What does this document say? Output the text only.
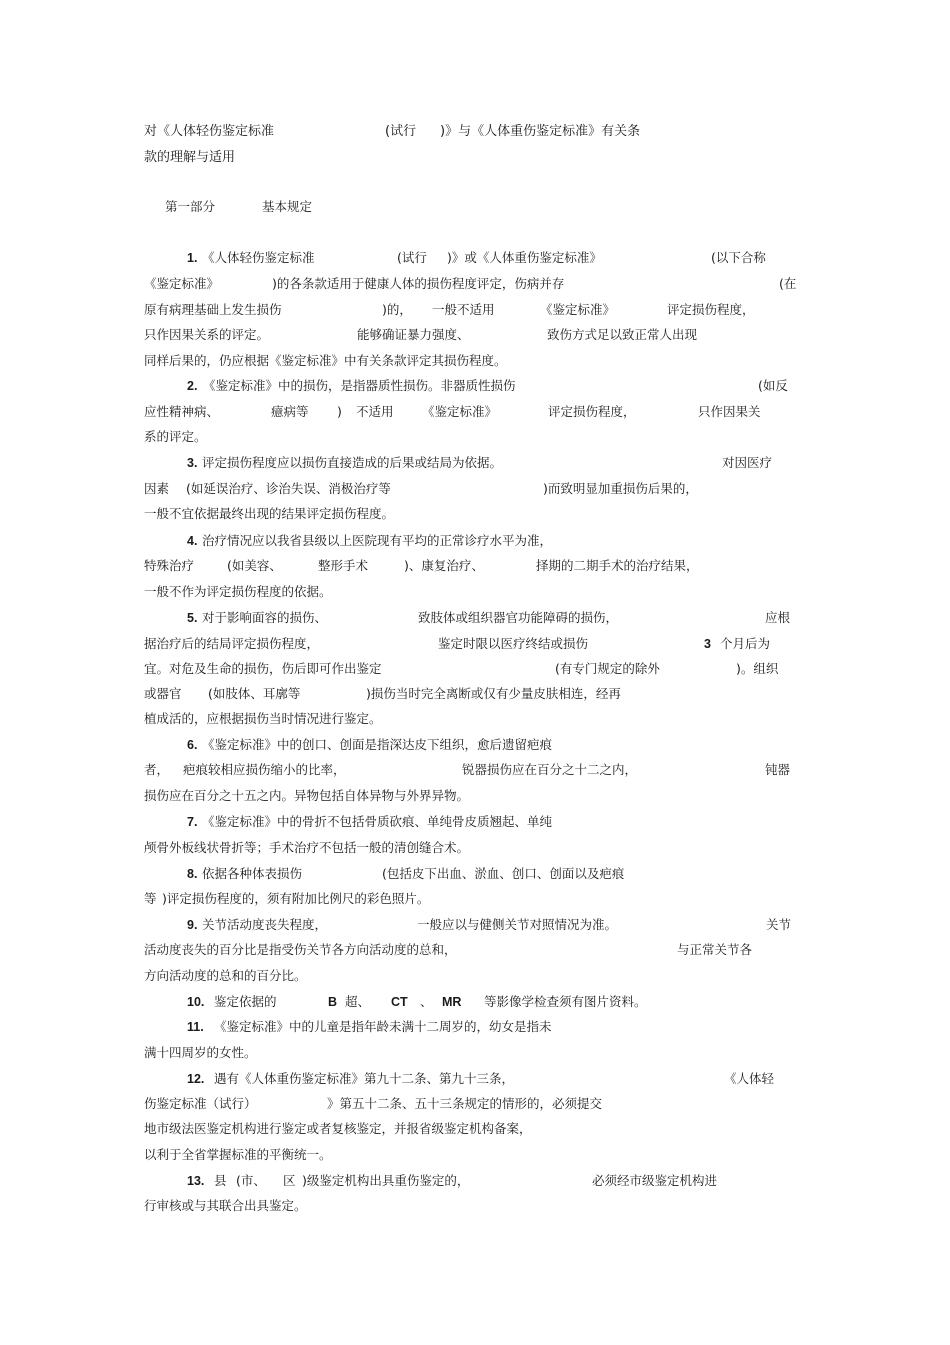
对《人体轻伤鉴定标准	(试行 )》与《人体重伤鉴定标准》有关条
款的理解与适用
第一部分	基本规定
1. 《人体轻伤鉴定标准	(试行 )》或《人体重伤鉴定标准》	(以下合称
《鉴定标准》	)的各条款适用于健康人体的损伤程度评定，伤病并存	(在
原有病理基础上发生损伤	)的， 一般不适用	《鉴定标准》	评定损伤程度，
只作因果关系的评定。	能够确证暴力强度、	致伤方式足以致正常人出现
同样后果的，仍应根据《鉴定标准》中有关条款评定其损伤程度。
2. 《鉴定标准》中的损伤，是指器质性损伤。非器质性损伤	(如反
应性精神病、	癔病等 ) 不适用 《鉴定标准》	评定损伤程度，	只作因果关
系的评定。
3. 评定损伤程度应以损伤直接造成的后果或结局为依据。	对因医疗
因素 (如延误治疗、诊治失误、消极治疗等	)而致明显加重损伤后果的，
一般不宜依据最终出现的结果评定损伤程度。
4. 治疗情况应以我省县级以上医院现有平均的正常诊疗水平为准，
特殊治疗	(如美容、	整形手术	)、康复治疗、	择期的二期手术的治疗结果，
一般不作为评定损伤程度的依据。
5. 对于影响面容的损伤、	致肢体或组织器官功能障碍的损伤，	应根
据治疗后的结局评定损伤程度，	鉴定时限以医疗终结或损伤	3 个月后为
宜。对危及生命的损伤，伤后即可作出鉴定	(有专门规定的除外	)。组织
或器官 (如肢体、耳廓等	)损伤当时完全离断或仅有少量皮肤相连，经再
植成活的，应根据损伤当时情况进行鉴定。
6. 《鉴定标准》中的创口、创面是指深达皮下组织，愈后遗留疤痕
者， 疤痕较相应损伤缩小的比率，	锐器损伤应在百分之十二之内，	钝器
损伤应在百分之十五之内。异物包括自体异物与外界异物。
7. 《鉴定标准》中的骨折不包括骨质砍痕、单纯骨皮质翘起、单纯
颅骨外板线状骨折等；手术治疗不包括一般的清创缝合术。
8. 依据各种体表损伤	(包括皮下出血、淤血、创口、创面以及疤痕
等 )评定损伤程度的，须有附加比例尺的彩色照片。
9. 关节活动度丧失程度，	一般应以与健侧关节对照情况为准。	关节
活动度丧失的百分比是指受伤关节各方向活动度的总和，	与正常关节各
方向活动度的总和的百分比。
10. 鉴定依据的	B 超、 CT 、 MR 等影像学检查须有图片资料。
11. 《鉴定标准》中的儿童是指年龄未满十二周岁的，幼女是指未
满十四周岁的女性。
12. 遇有《人体重伤鉴定标准》第九十二条、第九十三条，	《人体轻
伤鉴定标准（试行）	》第五十二条、五十三条规定的情形的，必须提交
地市级法医鉴定机构进行鉴定或者复核鉴定，并报省级鉴定机构备案，
以利于全省掌握标准的平衡统一。
13. 县 (市、 区 )级鉴定机构出具重伤鉴定的，	必须经市级鉴定机构进
行审核或与其联合出具鉴定。
